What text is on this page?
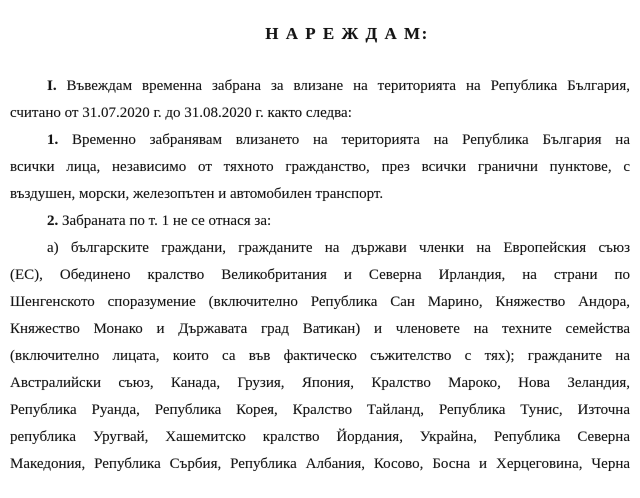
Н А Р Е Ж Д А М:
I. Въвеждам временна забрана за влизане на територията на Република България,
считано от 31.07.2020 г. до 31.08.2020 г. както следва:
1. Временно забранявам влизането на територията на Република България на
всички лица, независимо от тяхното гражданство, през всички гранични пунктове, с
въздушен, морски, железопътен и автомобилен транспорт.
2. Забраната по т. 1 не се отнася за:
а) българските граждани, гражданите на държави членки на Европейския съюз
(ЕС), Обединено кралство Великобритания и Северна Ирландия, на страни по
Шенгенското споразумение (включително Република Сан Марино, Княжество Андора,
Княжество Монако и Държавата град Ватикан) и членовете на техните семейства
(включително лицата, които са във фактическо съжителство с тях); гражданите на
Австралийски съюз, Канада, Грузия, Япония, Кралство Мароко, Нова Зеландия,
Република Руанда, Република Корея, Кралство Тайланд, Република Тунис, Източна
република Уругвай, Хашемитско кралство Йордания, Украйна, Република Северна
Македония, Република Сърбия, Република Албания, Косово, Босна и Херцеговина, Черна
